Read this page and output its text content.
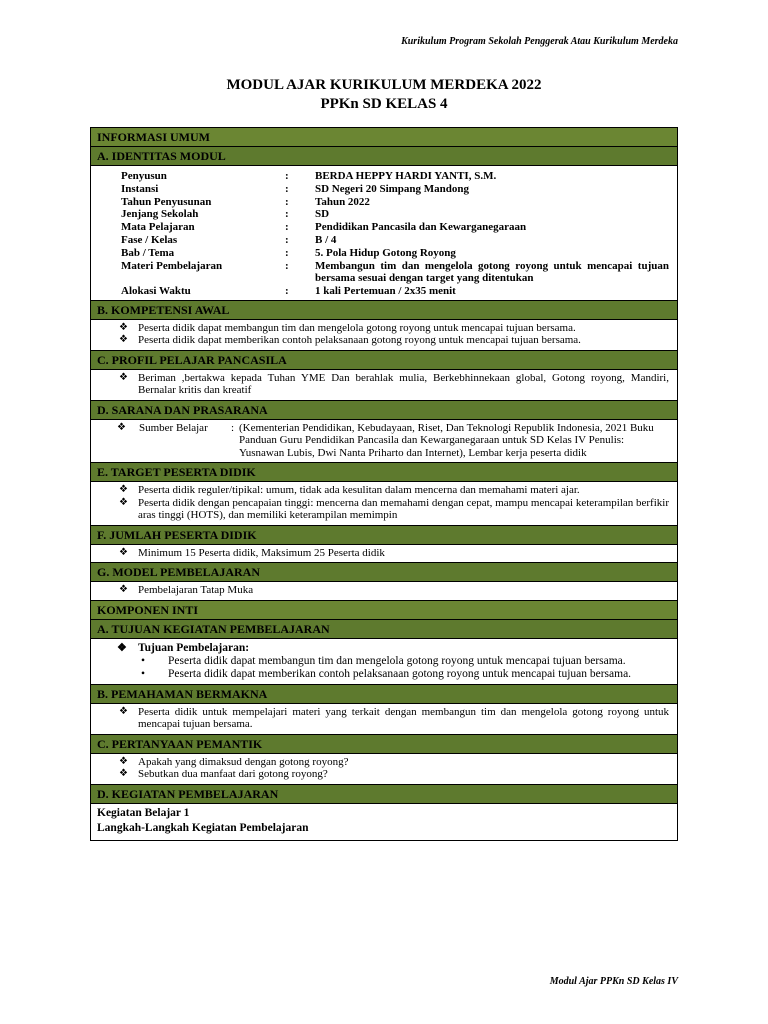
Kurikulum Program Sekolah Penggerak Atau Kurikulum Merdeka
MODUL AJAR KURIKULUM MERDEKA 2022
PPKn SD KELAS 4
INFORMASI UMUM
A. IDENTITAS MODUL
Penyusun	:	BERDA HEPPY HARDI YANTI, S.M.
Instansi	:	SD Negeri 20 Simpang Mandong
Tahun Penyusunan	:	Tahun 2022
Jenjang Sekolah	:	SD
Mata Pelajaran	:	Pendidikan Pancasila dan Kewarganegaraan
Fase / Kelas	:	B / 4
Bab / Tema	:	5. Pola Hidup Gotong Royong
Materi Pembelajaran	:	Membangun tim dan mengelola gotong royong untuk mencapai tujuan bersama sesuai dengan target yang ditentukan
Alokasi Waktu	:	1 kali Pertemuan / 2x35 menit
B. KOMPETENSI AWAL
❖ Peserta didik dapat membangun tim dan mengelola gotong royong untuk mencapai tujuan bersama.
❖ Peserta didik dapat memberikan contoh pelaksanaan gotong royong untuk mencapai tujuan bersama.
C. PROFIL PELAJAR PANCASILA
❖ Beriman ,bertakwa kepada Tuhan YME Dan berahlak mulia, Berkebhinnekaan global, Gotong royong, Mandiri, Bernalar kritis dan kreatif
D. SARANA DAN PRASARANA
❖	Sumber Belajar	: (Kementerian Pendidikan, Kebudayaan, Riset, Dan Teknologi Republik Indonesia, 2021 Buku Panduan Guru Pendidikan Pancasila dan Kewarganegaraan untuk SD Kelas IV Penulis: Yusnawan Lubis, Dwi Nanta Priharto dan Internet), Lembar kerja peserta didik
E. TARGET PESERTA DIDIK
❖ Peserta didik reguler/tipikal: umum, tidak ada kesulitan dalam mencerna dan memahami materi ajar.
❖ Peserta didik dengan pencapaian tinggi: mencerna dan memahami dengan cepat, mampu mencapai keterampilan berfikir aras tinggi (HOTS), dan memiliki keterampilan memimpin
F. JUMLAH PESERTA DIDIK
❖ Minimum 15 Peserta didik, Maksimum 25 Peserta didik
G. MODEL PEMBELAJARAN
❖ Pembelajaran Tatap Muka
KOMPONEN INTI
A. TUJUAN KEGIATAN PEMBELAJARAN
❖ Tujuan Pembelajaran:
• Peserta didik dapat membangun tim dan mengelola gotong royong untuk mencapai tujuan bersama.
• Peserta didik dapat memberikan contoh pelaksanaan gotong royong untuk mencapai tujuan bersama.
B. PEMAHAMAN BERMAKNA
❖ Peserta didik untuk mempelajari materi yang terkait dengan membangun tim dan mengelola gotong royong untuk mencapai tujuan bersama.
C. PERTANYAAN PEMANTIK
❖ Apakah yang dimaksud dengan gotong royong?
❖ Sebutkan dua manfaat dari gotong royong?
D. KEGIATAN PEMBELAJARAN
Kegiatan Belajar 1
Langkah-Langkah Kegiatan Pembelajaran
Modul Ajar PPKn SD Kelas IV
